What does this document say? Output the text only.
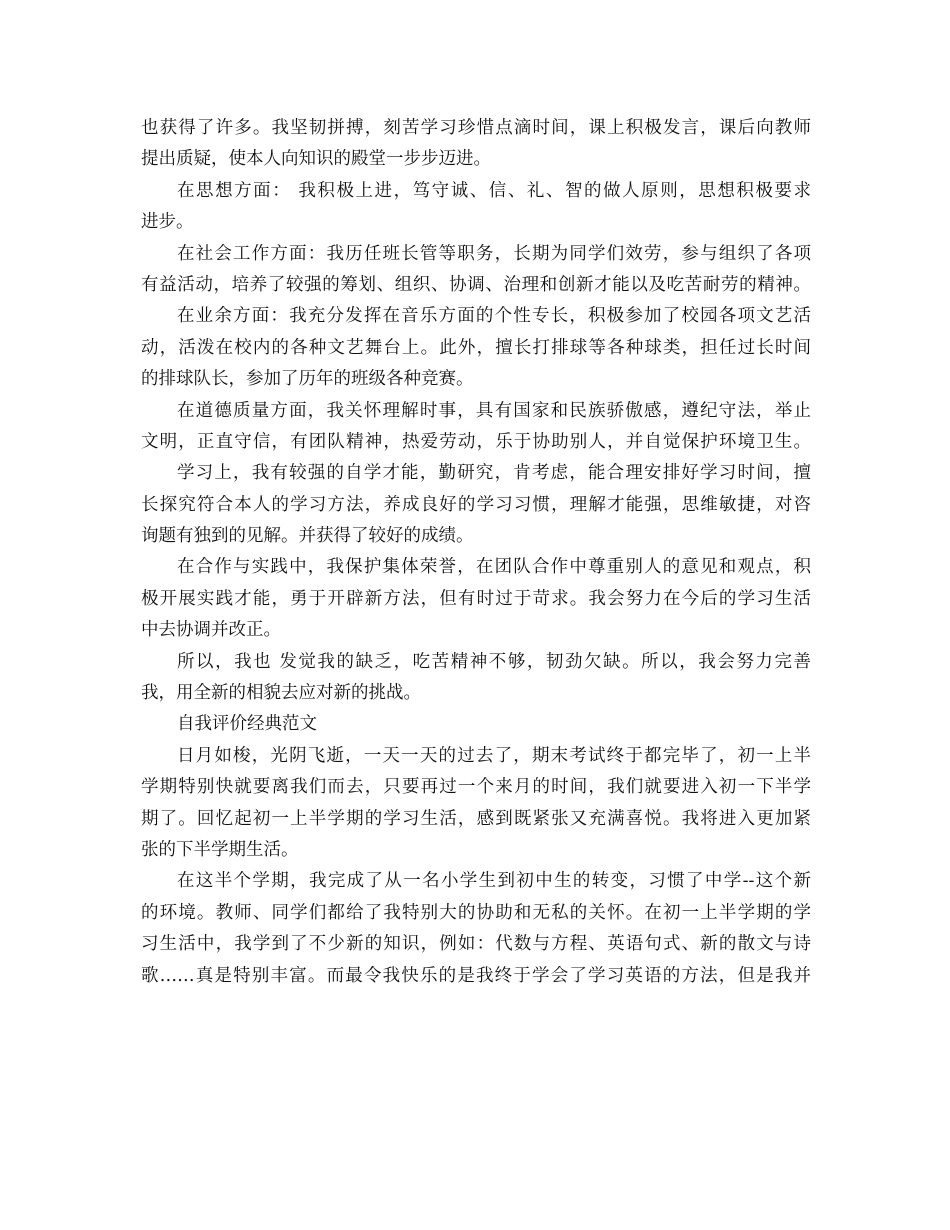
也获得了许多。我坚韧拼搏，刻苦学习珍惜点滴时间，课上积极发言，课后向教师
提出质疑，使本人向知识的殿堂一步步迈进。
在思想方面： 我积极上进，笃守诚、信、礼、智的做人原则，思想积极要求
进步。
在社会工作方面：我历任班长管等职务，长期为同学们效劳，参与组织了各项
有益活动，培养了较强的筹划、组织、协调、治理和创新才能以及吃苦耐劳的精神。
在业余方面：我充分发挥在音乐方面的个性专长，积极参加了校园各项文艺活
动，活泼在校内的各种文艺舞台上。此外，擅长打排球等各种球类，担任过长时间
的排球队长，参加了历年的班级各种竞赛。
在道德质量方面，我关怀理解时事，具有国家和民族骄傲感，遵纪守法，举止
文明，正直守信，有团队精神，热爱劳动，乐于协助别人，并自觉保护环境卫生。
学习上，我有较强的自学才能，勤研究，肯考虑，能合理安排好学习时间，擅
长探究符合本人的学习方法，养成良好的学习习惯，理解才能强，思维敏捷，对咨
询题有独到的见解。并获得了较好的成绩。
在合作与实践中，我保护集体荣誉，在团队合作中尊重别人的意见和观点，积
极开展实践才能，勇于开辟新方法，但有时过于苛求。我会努力在今后的学习生活
中去协调并改正。
所以，我也 发觉我的缺乏，吃苦精神不够，韧劲欠缺。所以，我会努力完善
我，用全新的相貌去应对新的挑战。
自我评价经典范文
日月如梭，光阴飞逝，一天一天的过去了，期末考试终于都完毕了，初一上半
学期特别快就要离我们而去，只要再过一个来月的时间，我们就要进入初一下半学
期了。回忆起初一上半学期的学习生活，感到既紧张又充满喜悦。我将进入更加紧
张的下半学期生活。
在这半个学期，我完成了从一名小学生到初中生的转变，习惯了中学--这个新
的环境。教师、同学们都给了我特别大的协助和无私的关怀。在初一上半学期的学
习生活中，我学到了不少新的知识，例如：代数与方程、英语句式、新的散文与诗
歌……真是特别丰富。而最令我快乐的是我终于学会了学习英语的方法，但是我并
